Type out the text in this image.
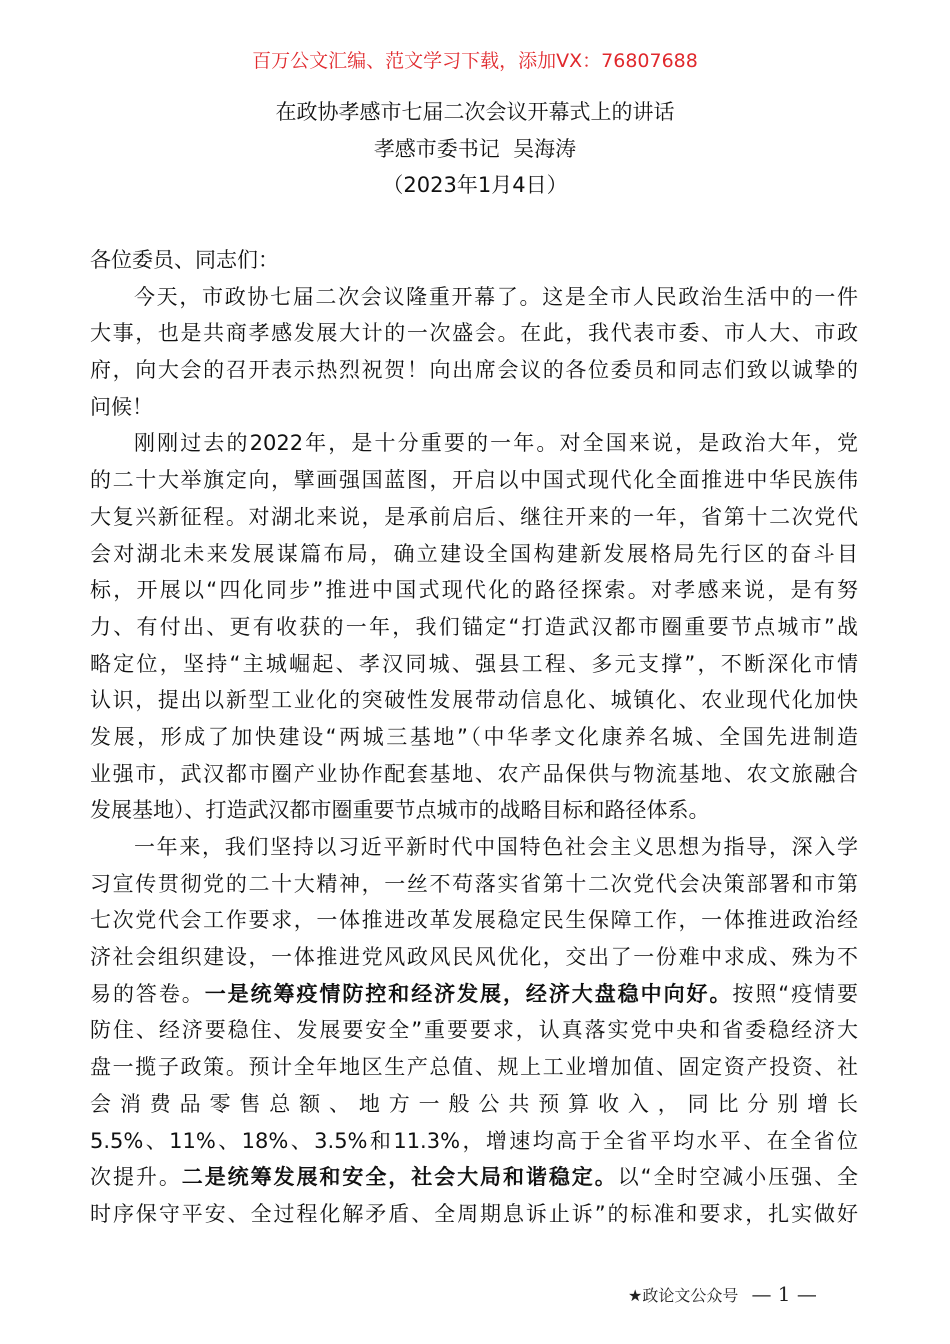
百万公文汇编、范文学习下载，添加VX：76807688
在政协孝感市七届二次会议开幕式上的讲话
孝感市委书记  吴海涛
（2023年1月4日）
各位委员、同志们：
今天，市政协七届二次会议隆重开幕了。这是全市人民政治生活中的一件
大事，也是共商孝感发展大计的一次盛会。在此，我代表市委、市人大、市政
府，向大会的召开表示热烈祝贺！向出席会议的各位委员和同志们致以诚挚的
问候！
刚刚过去的2022年，是十分重要的一年。对全国来说，是政治大年，党
的二十大举旗定向，擘画强国蓝图，开启以中国式现代化全面推进中华民族伟
大复兴新征程。对湖北来说，是承前启后、继往开来的一年，省第十二次党代
会对湖北未来发展谋篇布局，确立建设全国构建新发展格局先行区的奋斗目
标，开展以“四化同步”推进中国式现代化的路径探索。对孝感来说，是有努
力、有付出、更有收获的一年，我们锚定“打造武汉都市圈重要节点城市”战
略定位，坚持“主城崛起、孝汉同城、强县工程、多元支撑”，不断深化市情
认识，提出以新型工业化的突破性发展带动信息化、城镇化、农业现代化加快
发展，形成了加快建设“两城三基地”（中华孝文化康养名城、全国先进制造
业强市，武汉都市圈产业协作配套基地、农产品保供与物流基地、农文旅融合
发展基地）、打造武汉都市圈重要节点城市的战略目标和路径体系。
一年来，我们坚持以习近平新时代中国特色社会主义思想为指导，深入学
习宣传贯彻党的二十大精神，一丝不苟落实省第十二次党代会决策部署和市第
七次党代会工作要求，一体推进改革发展稳定民生保障工作，一体推进政治经
济社会组织建设，一体推进党风政风民风优化，交出了一份难中求成、殊为不
易的答卷。一是统筹疫情防控和经济发展，经济大盘稳中向好。按照“疫情要
防住、经济要稳住、发展要安全”重要要求，认真落实党中央和省委稳经济大
盘一揽子政策。预计全年地区生产总值、规上工业增加值、固定资产投资、社
会 消 费 品 零 售 总 额 、 地 方 一 般 公 共 预 算 收 入 ， 同 比 分 别 增 长
5.5%、11%、18%、3.5%和11.3%，增速均高于全省平均水平、在全省位
次提升。二是统筹发展和安全，社会大局和谐稳定。以“全时空减小压强、全
时序保守平安、全过程化解矛盾、全周期息诉止诉”的标准和要求，扎实做好
★政论文公众号 — 1 —
